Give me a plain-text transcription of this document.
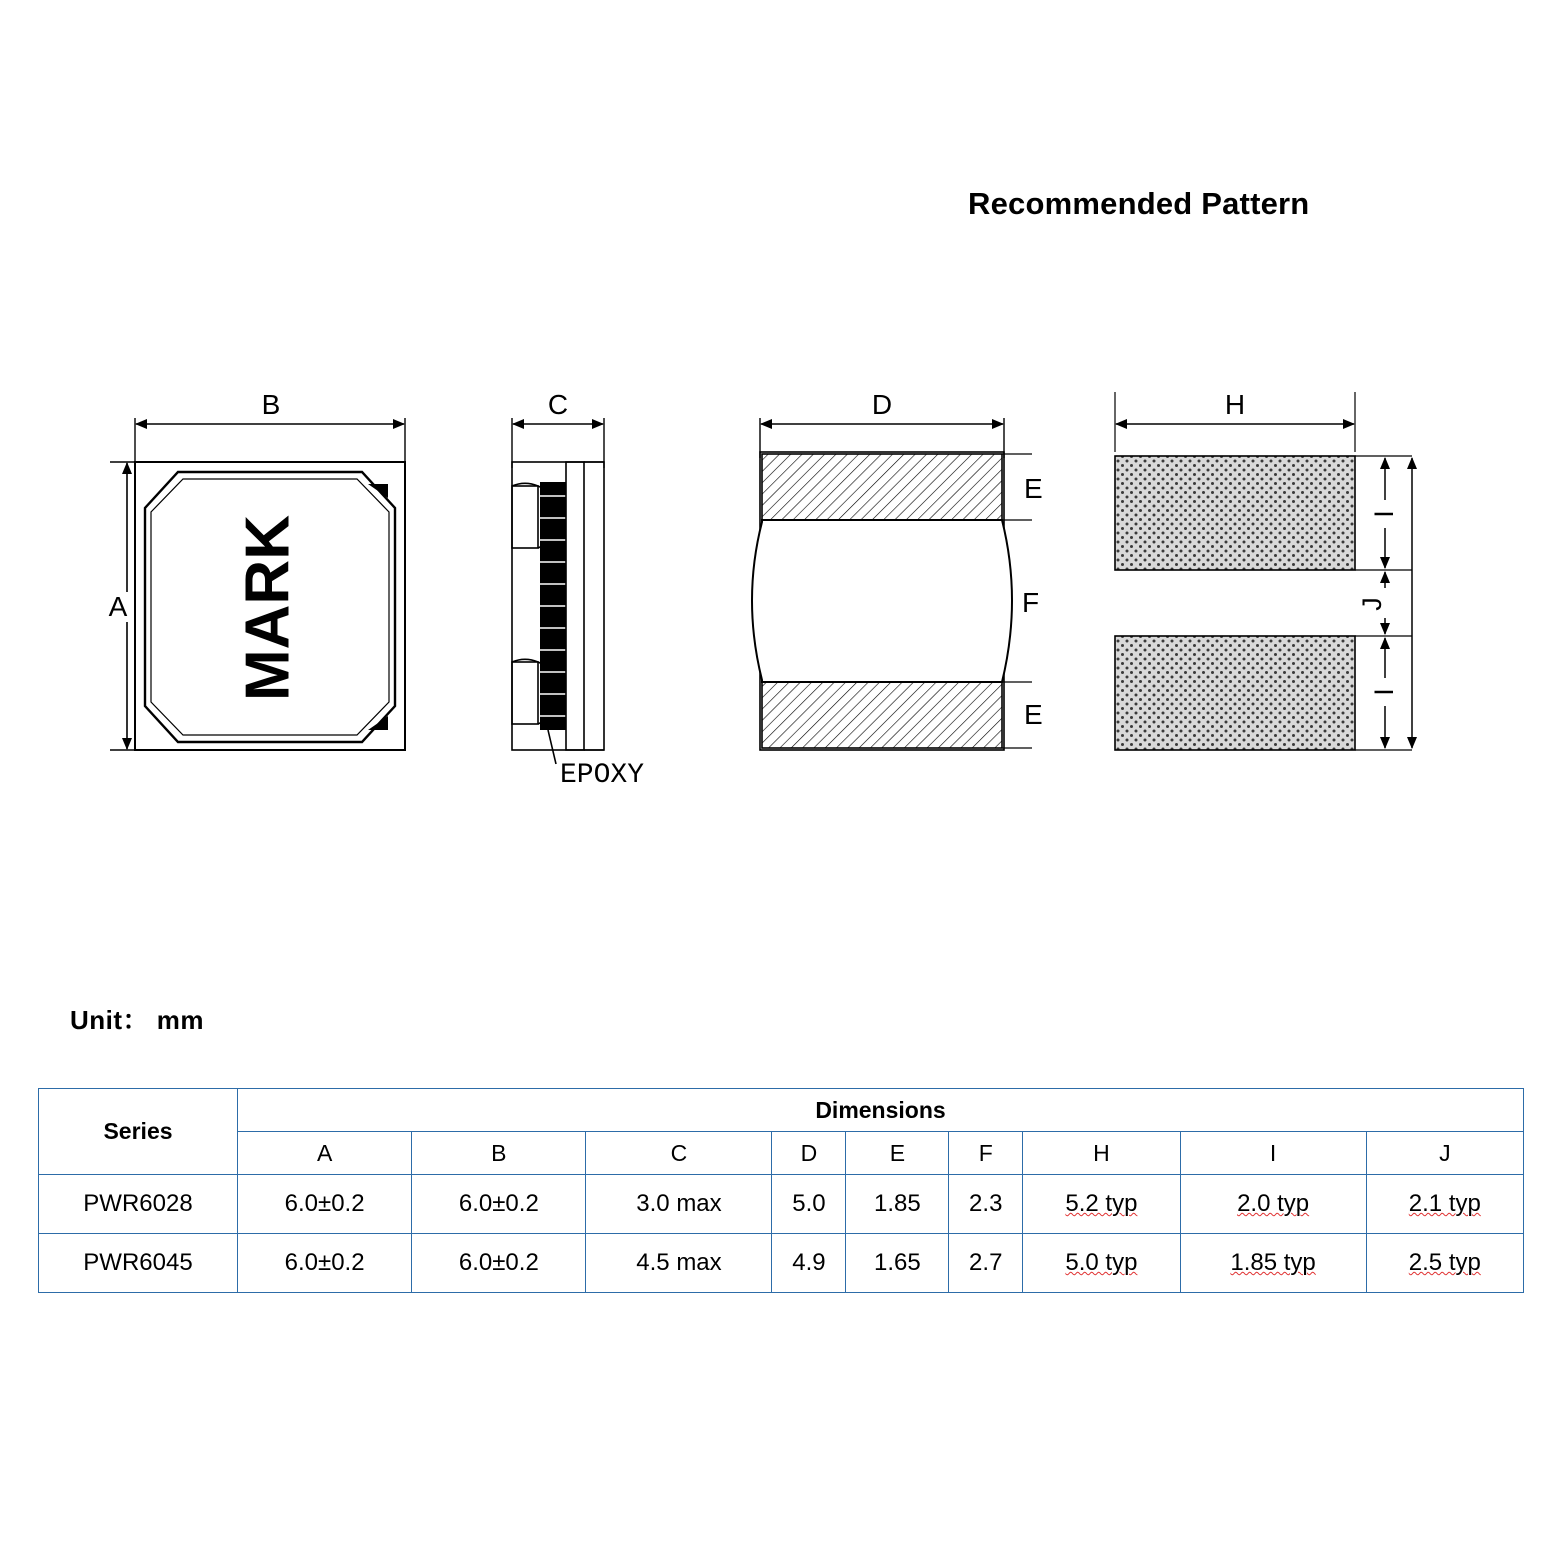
MARK
B
A
EPOXY
C	D
E
F
E
H
I
J
I
Recommended Pattern
Unit： mm
Series	Dimensions								
	A	B	C	D	E	F	H	I	J
PWR6028	6.0±0.2	6.0±0.2	3.0 max	5.0	1.85	2.3	5.2 typ	2.0 typ	2.1 typ
PWR6045	6.0±0.2	6.0±0.2	4.5 max	4.9	1.65	2.7	5.0 typ	1.85 typ	2.5 typ
